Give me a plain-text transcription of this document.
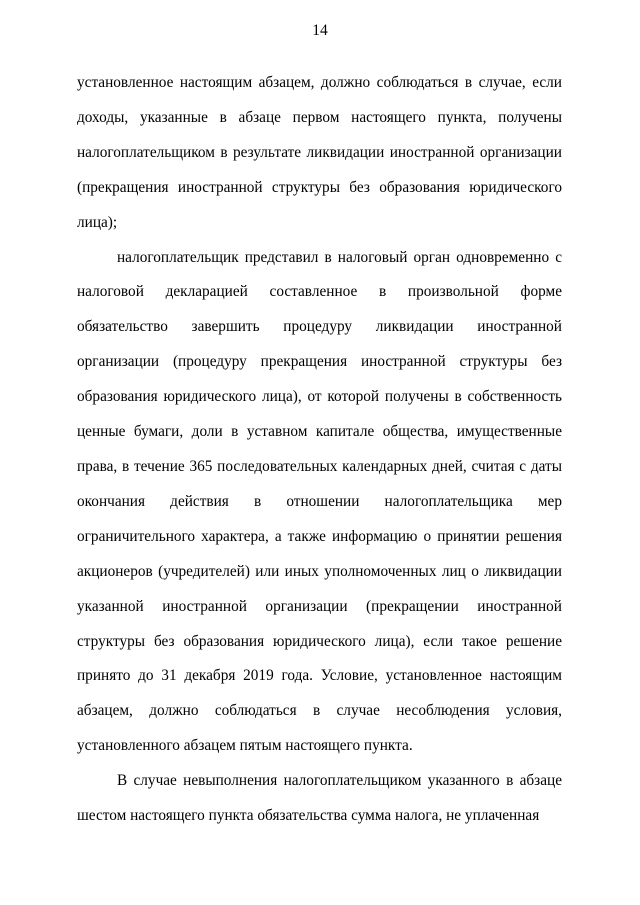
14

установленное настоящим абзацем, должно соблюдаться в случае, если доходы, указанные в абзаце первом настоящего пункта, получены налогоплательщиком в результате ликвидации иностранной организации (прекращения иностранной структуры без образования юридического лица);

налогоплательщик представил в налоговый орган одновременно с налоговой декларацией составленное в произвольной форме обязательство завершить процедуру ликвидации иностранной организации (процедуру прекращения иностранной структуры без образования юридического лица), от которой получены в собственность ценные бумаги, доли в уставном капитале общества, имущественные права, в течение 365 последовательных календарных дней, считая с даты окончания действия в отношении налогоплательщика мер ограничительного характера, а также информацию о принятии решения акционеров (учредителей) или иных уполномоченных лиц о ликвидации указанной иностранной организации (прекращении иностранной структуры без образования юридического лица), если такое решение принято до 31 декабря 2019 года. Условие, установленное настоящим абзацем, должно соблюдаться в случае несоблюдения условия, установленного абзацем пятым настоящего пункта.

В случае невыполнения налогоплательщиком указанного в абзаце шестом настоящего пункта обязательства сумма налога, не уплаченная
